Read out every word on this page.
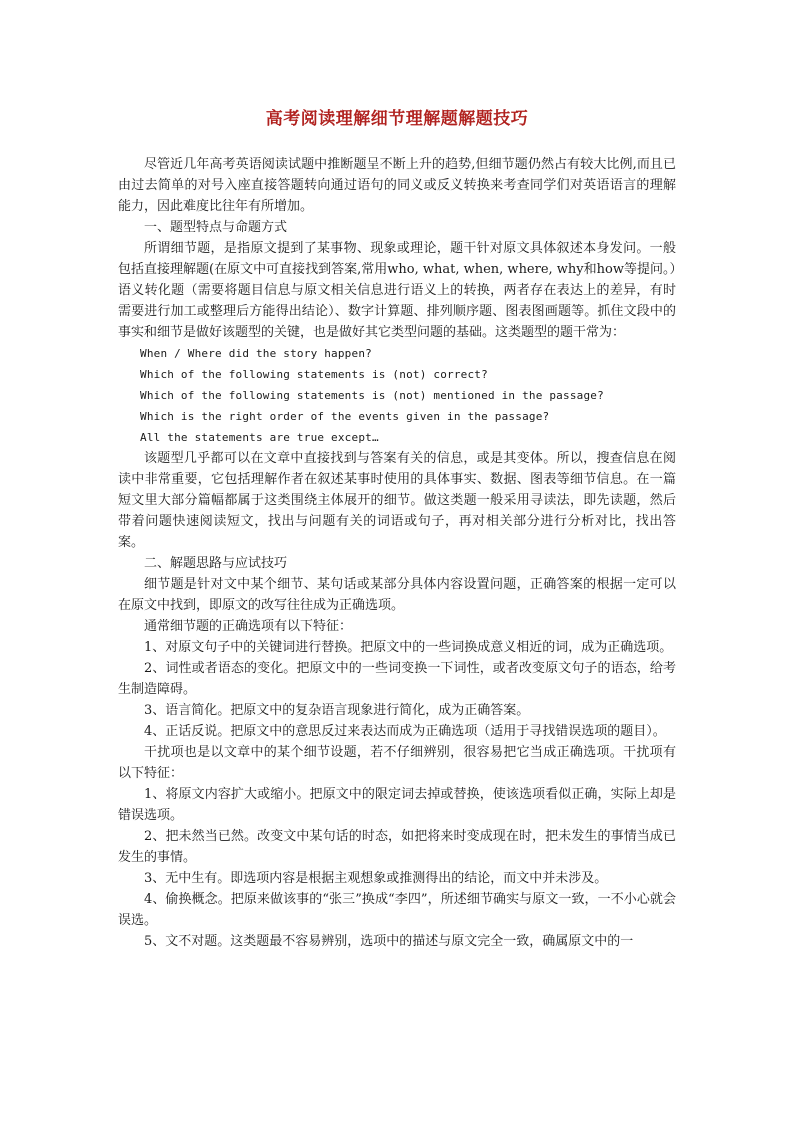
高考阅读理解细节理解题解题技巧

尽管近几年高考英语阅读试题中推断题呈不断上升的趋势,但细节题仍然占有较大比例,而且已由过去简单的对号入座直接答题转向通过语句的同义或反义转换来考查同学们对英语语言的理解能力，因此难度比往年有所增加。

一、题型特点与命题方式

所谓细节题，是指原文提到了某事物、现象或理论，题干针对原文具体叙述本身发问。一般包括直接理解题(在原文中可直接找到答案,常用who, what, when, where, why和how等提问。）语义转化题（需要将题目信息与原文相关信息进行语义上的转换，两者存在表达上的差异，有时需要进行加工或整理后方能得出结论）、数字计算题、排列顺序题、图表图画题等。抓住文段中的事实和细节是做好该题型的关键，也是做好其它类型问题的基础。这类题型的题干常为：

When / Where did the story happen?

Which of the following statements is (not) correct?

Which of the following statements is (not) mentioned in the passage?

Which is the right order of the events given in the passage?

All the statements are true except…

该题型几乎都可以在文章中直接找到与答案有关的信息，或是其变体。所以，搜查信息在阅读中非常重要，它包括理解作者在叙述某事时使用的具体事实、数据、图表等细节信息。在一篇短文里大部分篇幅都属于这类围绕主体展开的细节。做这类题一般采用寻读法，即先读题，然后带着问题快速阅读短文，找出与问题有关的词语或句子，再对相关部分进行分析对比，找出答案。

二、解题思路与应试技巧

细节题是针对文中某个细节、某句话或某部分具体内容设置问题，正确答案的根据一定可以在原文中找到，即原文的改写往往成为正确选项。

通常细节题的正确选项有以下特征：

1、对原文句子中的关键词进行替换。把原文中的一些词换成意义相近的词，成为正确选项。

2、词性或者语态的变化。把原文中的一些词变换一下词性，或者改变原文句子的语态，给考生制造障碍。

3、语言简化。把原文中的复杂语言现象进行简化，成为正确答案。

4、正话反说。把原文中的意思反过来表达而成为正确选项（适用于寻找错误选项的题目）。

干扰项也是以文章中的某个细节设题，若不仔细辨别，很容易把它当成正确选项。干扰项有以下特征：

1、将原文内容扩大或缩小。把原文中的限定词去掉或替换，使该选项看似正确，实际上却是错误选项。

2、把未然当已然。改变文中某句话的时态，如把将来时变成现在时，把未发生的事情当成已发生的事情。

3、无中生有。即选项内容是根据主观想象或推测得出的结论，而文中并未涉及。

4、偷换概念。把原来做该事的“张三”换成“李四”，所述细节确实与原文一致，一不小心就会误选。

5、文不对题。这类题最不容易辨别，选项中的描述与原文完全一致，确属原文中的一
